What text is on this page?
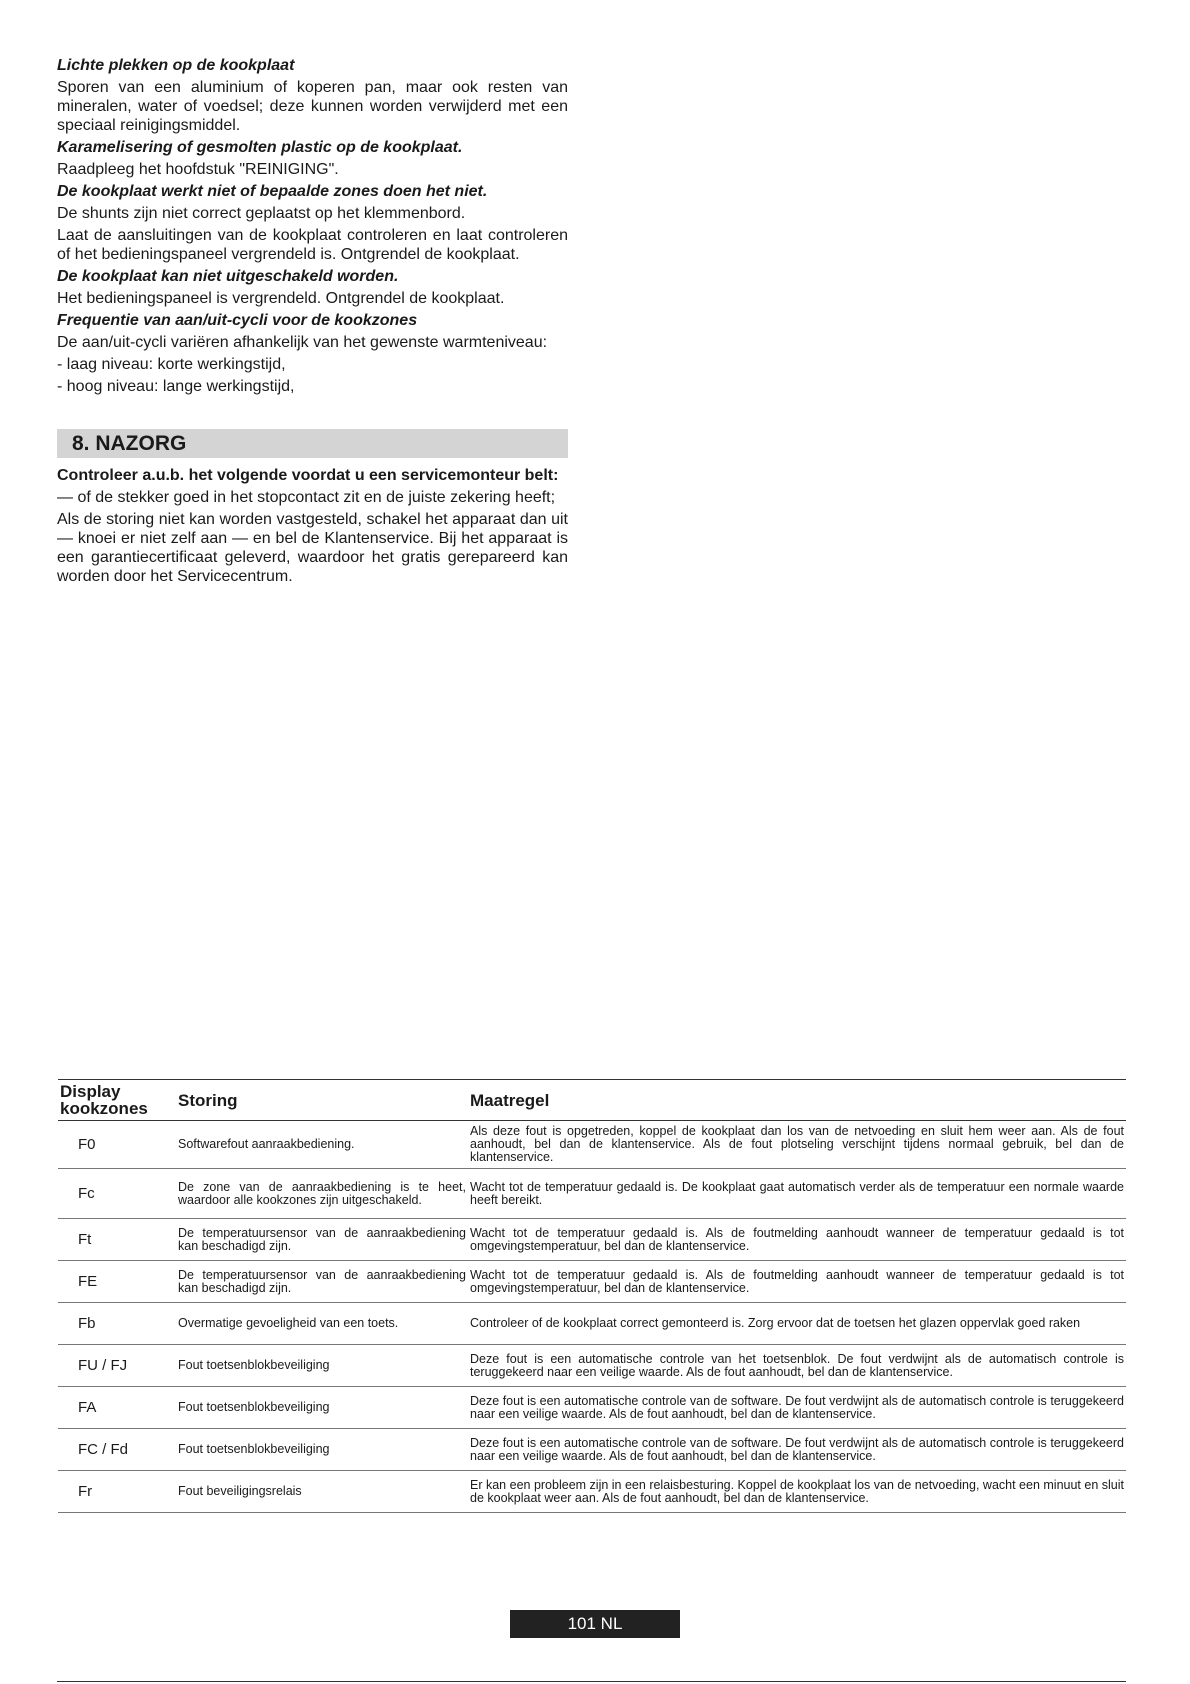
Lichte plekken op de kookplaat

Sporen van een aluminium of koperen pan, maar ook resten van mineralen, water of voedsel; deze kunnen worden verwijderd met een speciaal reinigingsmiddel.

Karamelisering of gesmolten plastic op de kookplaat.

Raadpleeg het hoofdstuk "REINIGING".

De kookplaat werkt niet of bepaalde zones doen het niet.

De shunts zijn niet correct geplaatst op het klemmenbord.

Laat de aansluitingen van de kookplaat controleren en laat controleren of het bedieningspaneel vergrendeld is. Ontgrendel de kookplaat.

De kookplaat kan niet uitgeschakeld worden.

Het bedieningspaneel is vergrendeld. Ontgrendel de kookplaat.

Frequentie van aan/uit-cycli voor de kookzones

De aan/uit-cycli variëren afhankelijk van het gewenste warmteniveau:

- laag niveau: korte werkingstijd,

- hoog niveau: lange werkingstijd,

8. NAZORG

Controleer a.u.b. het volgende voordat u een servicemonteur belt:

— of de stekker goed in het stopcontact zit en de juiste zekering heeft;

Als de storing niet kan worden vastgesteld, schakel het apparaat dan uit — knoei er niet zelf aan — en bel de Klantenservice. Bij het apparaat is een garantiecertificaat geleverd, waardoor het gratis gerepareerd kan worden door het Servicecentrum.

Display kookzones	Storing	Maatregel
F0	Softwarefout aanraakbediening.	Als deze fout is opgetreden, koppel de kookplaat dan los van de netvoeding en sluit hem weer aan. Als de fout aanhoudt, bel dan de klantenservice. Als de fout plotseling verschijnt tijdens normaal gebruik, bel dan de klantenservice.
Fc	De zone van de aanraakbediening is te heet, waardoor alle kookzones zijn uitgeschakeld.	Wacht tot de temperatuur gedaald is. De kookplaat gaat automatisch verder als de temperatuur een normale waarde heeft bereikt.
Ft	De temperatuursensor van de aanraakbediening kan beschadigd zijn.	Wacht tot de temperatuur gedaald is. Als de foutmelding aanhoudt wanneer de temperatuur gedaald is tot omgevingstemperatuur, bel dan de klantenservice.
FE	De temperatuursensor van de aanraakbediening kan beschadigd zijn.	Wacht tot de temperatuur gedaald is. Als de foutmelding aanhoudt wanneer de temperatuur gedaald is tot omgevingstemperatuur, bel dan de klantenservice.
Fb	Overmatige gevoeligheid van een toets.	Controleer of de kookplaat correct gemonteerd is. Zorg ervoor dat de toetsen het glazen oppervlak goed raken
FU / FJ	Fout toetsenblokbeveiliging	Deze fout is een automatische controle van het toetsenblok. De fout verdwijnt als de automatisch controle is teruggekeerd naar een veilige waarde. Als de fout aanhoudt, bel dan de klantenservice.
FA	Fout toetsenblokbeveiliging	Deze fout is een automatische controle van de software. De fout verdwijnt als de automatisch controle is teruggekeerd naar een veilige waarde. Als de fout aanhoudt, bel dan de klantenservice.
FC / Fd	Fout toetsenblokbeveiliging	Deze fout is een automatische controle van de software. De fout verdwijnt als de automatisch controle is teruggekeerd naar een veilige waarde. Als de fout aanhoudt, bel dan de klantenservice.
Fr	Fout beveiligingsrelais	Er kan een probleem zijn in een relaisbesturing. Koppel de kookplaat los van de netvoeding, wacht een minuut en sluit de kookplaat weer aan. Als de fout aanhoudt, bel dan de klantenservice.
101 NL
